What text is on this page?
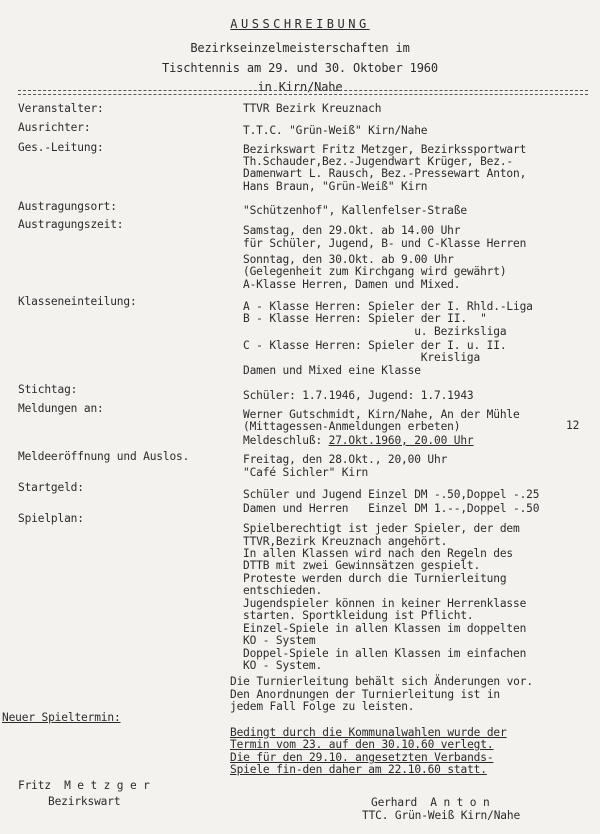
AUSSCHREIBUNG
Bezirkseinzelmeisterschaften im
Tischtennis am 29. und 30. Oktober 1960
in Kirn/Nahe
Veranstalter:	TTVR Bezirk Kreuznach
Ausrichter:	T.T.C. "Grün-Weiß" Kirn/Nahe
Ges.-Leitung:	Bezirkswart Fritz Metzger, Bezirkssportwart
Th.Schauder,Bez.-Jugendwart Krüger, Bez.-
Damenwart L. Rausch, Bez.-Pressewart Anton,
Hans Braun, "Grün-Weiß" Kirn
Austragungsort:	"Schützenhof", Kallenfelser-Straße
Austragungszeit:	Samstag, den 29.Okt. ab 14.00 Uhr
für Schüler, Jugend, B- und C-Klasse Herren
Sonntag, den 30.Okt. ab 9.00 Uhr
(Gelegenheit zum Kirchgang wird gewährt)
A-Klasse Herren, Damen und Mixed.
Klasseneinteilung:	A - Klasse Herren: Spieler der I. Rhld.-Liga
B - Klasse Herren: Spieler der II.  "
u. Bezirksliga
C - Klasse Herren: Spieler der I. u. II.
Kreisliga
Damen und Mixed eine Klasse
Stichtag:	Schüler: 1.7.1946, Jugend: 1.7.1943
Meldungen an:	Werner Gutschmidt, Kirn/Nahe, An der Mühle
12
(Mittagessen-Anmeldungen erbeten)
Meldeschluß: 27.Okt.1960, 20.00 Uhr
Meldeeröffnung und Auslos.	Freitag, den 28.Okt., 20,00 Uhr
"Café Sichler" Kirn
Startgeld:
Schüler und Jugend Einzel DM -.50,Doppel -.25
Damen und Herren   Einzel DM 1.--,Doppel -.50
Spielplan:
Spielberechtigt ist jeder Spieler, der dem
TTVR,Bezirk Kreuznach angehört.
In allen Klassen wird nach den Regeln des
DTTB mit zwei Gewinnsätzen gespielt.
Proteste werden durch die Turnierleitung
entschieden.
Jugendspieler können in keiner Herrenklasse
starten. Sportkleidung ist Pflicht.
Einzel-Spiele in allen Klassen im doppelten
KO - System
Doppel-Spiele in allen Klassen im einfachen
KO - System.
Die Turnierleitung behält sich Änderungen vor.
Den Anordnungen der Turnierleitung ist in
jedem Fall Folge zu leisten.
Neuer Spieltermin:
Bedingt durch die Kommunalwahlen wurde der
Termin vom 23. auf den 30.10.60 verlegt.
Die für den 29.10. angesetzten Verbands-
Spiele fin-den daher am 22.10.60 statt.
Fritz  M e t z g e r
Bezirkswart	Gerhard  A n t o n
TTC. Grün-Weiß Kirn/Nahe
